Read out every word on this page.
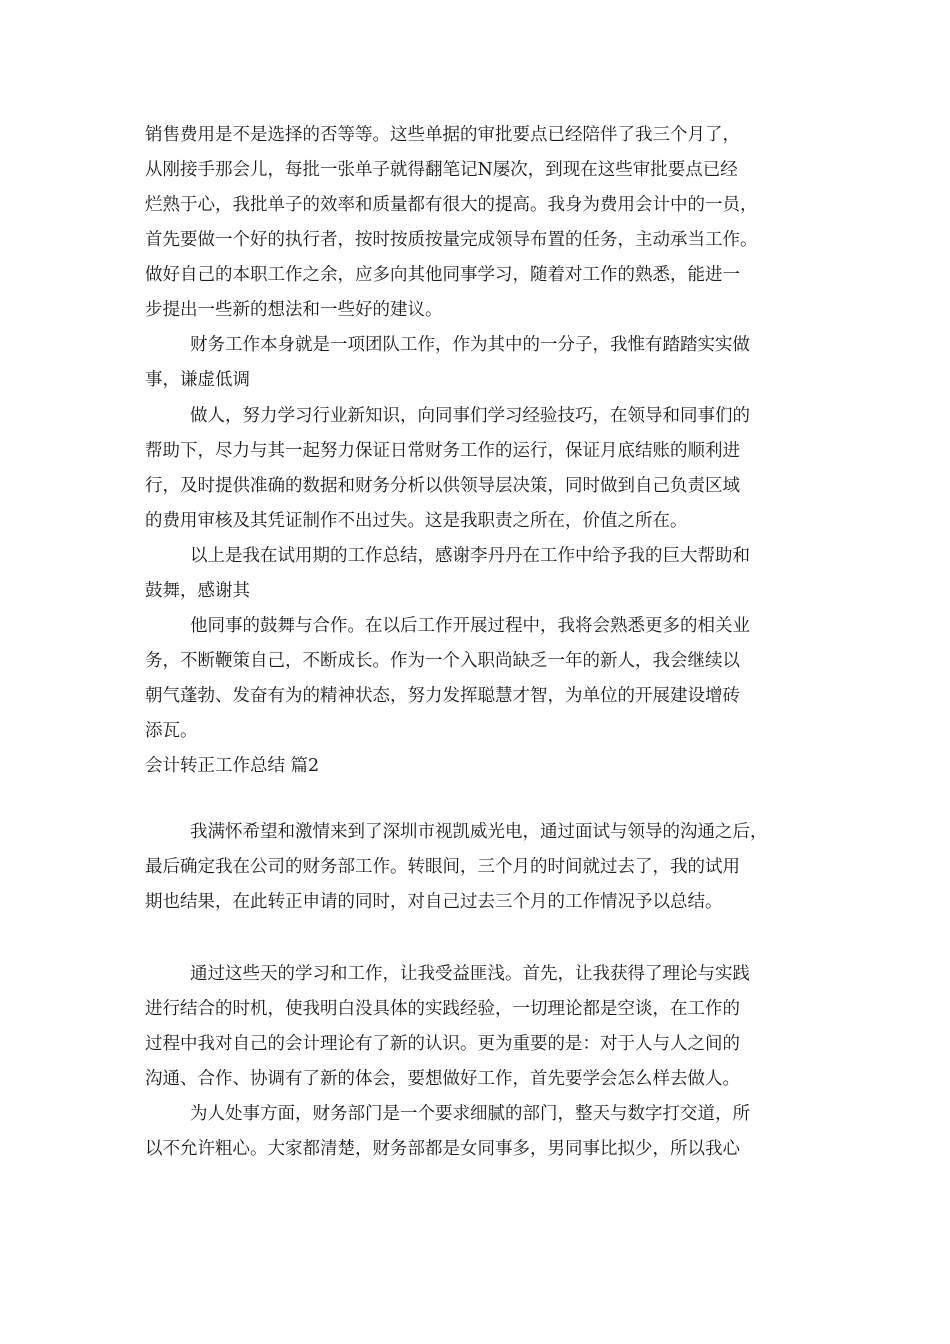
销售费用是不是选择的否等等。这些单据的审批要点已经陪伴了我三个月了，
从刚接手那会儿，每批一张单子就得翻笔记N屡次，到现在这些审批要点已经
烂熟于心，我批单子的效率和质量都有很大的提高。我身为费用会计中的一员，
首先要做一个好的执行者，按时按质按量完成领导布置的任务，主动承当工作。
做好自己的本职工作之余，应多向其他同事学习，随着对工作的熟悉，能进一
步提出一些新的想法和一些好的建议。
财务工作本身就是一项团队工作，作为其中的一分子，我惟有踏踏实实做
事，谦虚低调
做人，努力学习行业新知识，向同事们学习经验技巧，在领导和同事们的
帮助下，尽力与其一起努力保证日常财务工作的运行，保证月底结账的顺利进
行，及时提供准确的数据和财务分析以供领导层决策，同时做到自己负责区域
的费用审核及其凭证制作不出过失。这是我职责之所在，价值之所在。
以上是我在试用期的工作总结，感谢李丹丹在工作中给予我的巨大帮助和
鼓舞，感谢其
他同事的鼓舞与合作。在以后工作开展过程中，我将会熟悉更多的相关业
务，不断鞭策自己，不断成长。作为一个入职尚缺乏一年的新人，我会继续以
朝气蓬勃、发奋有为的精神状态，努力发挥聪慧才智，为单位的开展建设增砖
添瓦。
会计转正工作总结 篇2
我满怀希望和激情来到了深圳市视凯威光电，通过面试与领导的沟通之后，
最后确定我在公司的财务部工作。转眼间，三个月的时间就过去了，我的试用
期也结果，在此转正申请的同时，对自己过去三个月的工作情况予以总结。
通过这些天的学习和工作，让我受益匪浅。首先，让我获得了理论与实践
进行结合的时机，使我明白没具体的实践经验，一切理论都是空谈，在工作的
过程中我对自己的会计理论有了新的认识。更为重要的是：对于人与人之间的
沟通、合作、协调有了新的体会，要想做好工作，首先要学会怎么样去做人。
为人处事方面，财务部门是一个要求细腻的部门，整天与数字打交道，所
以不允许粗心。大家都清楚，财务部都是女同事多，男同事比拟少，所以我心
